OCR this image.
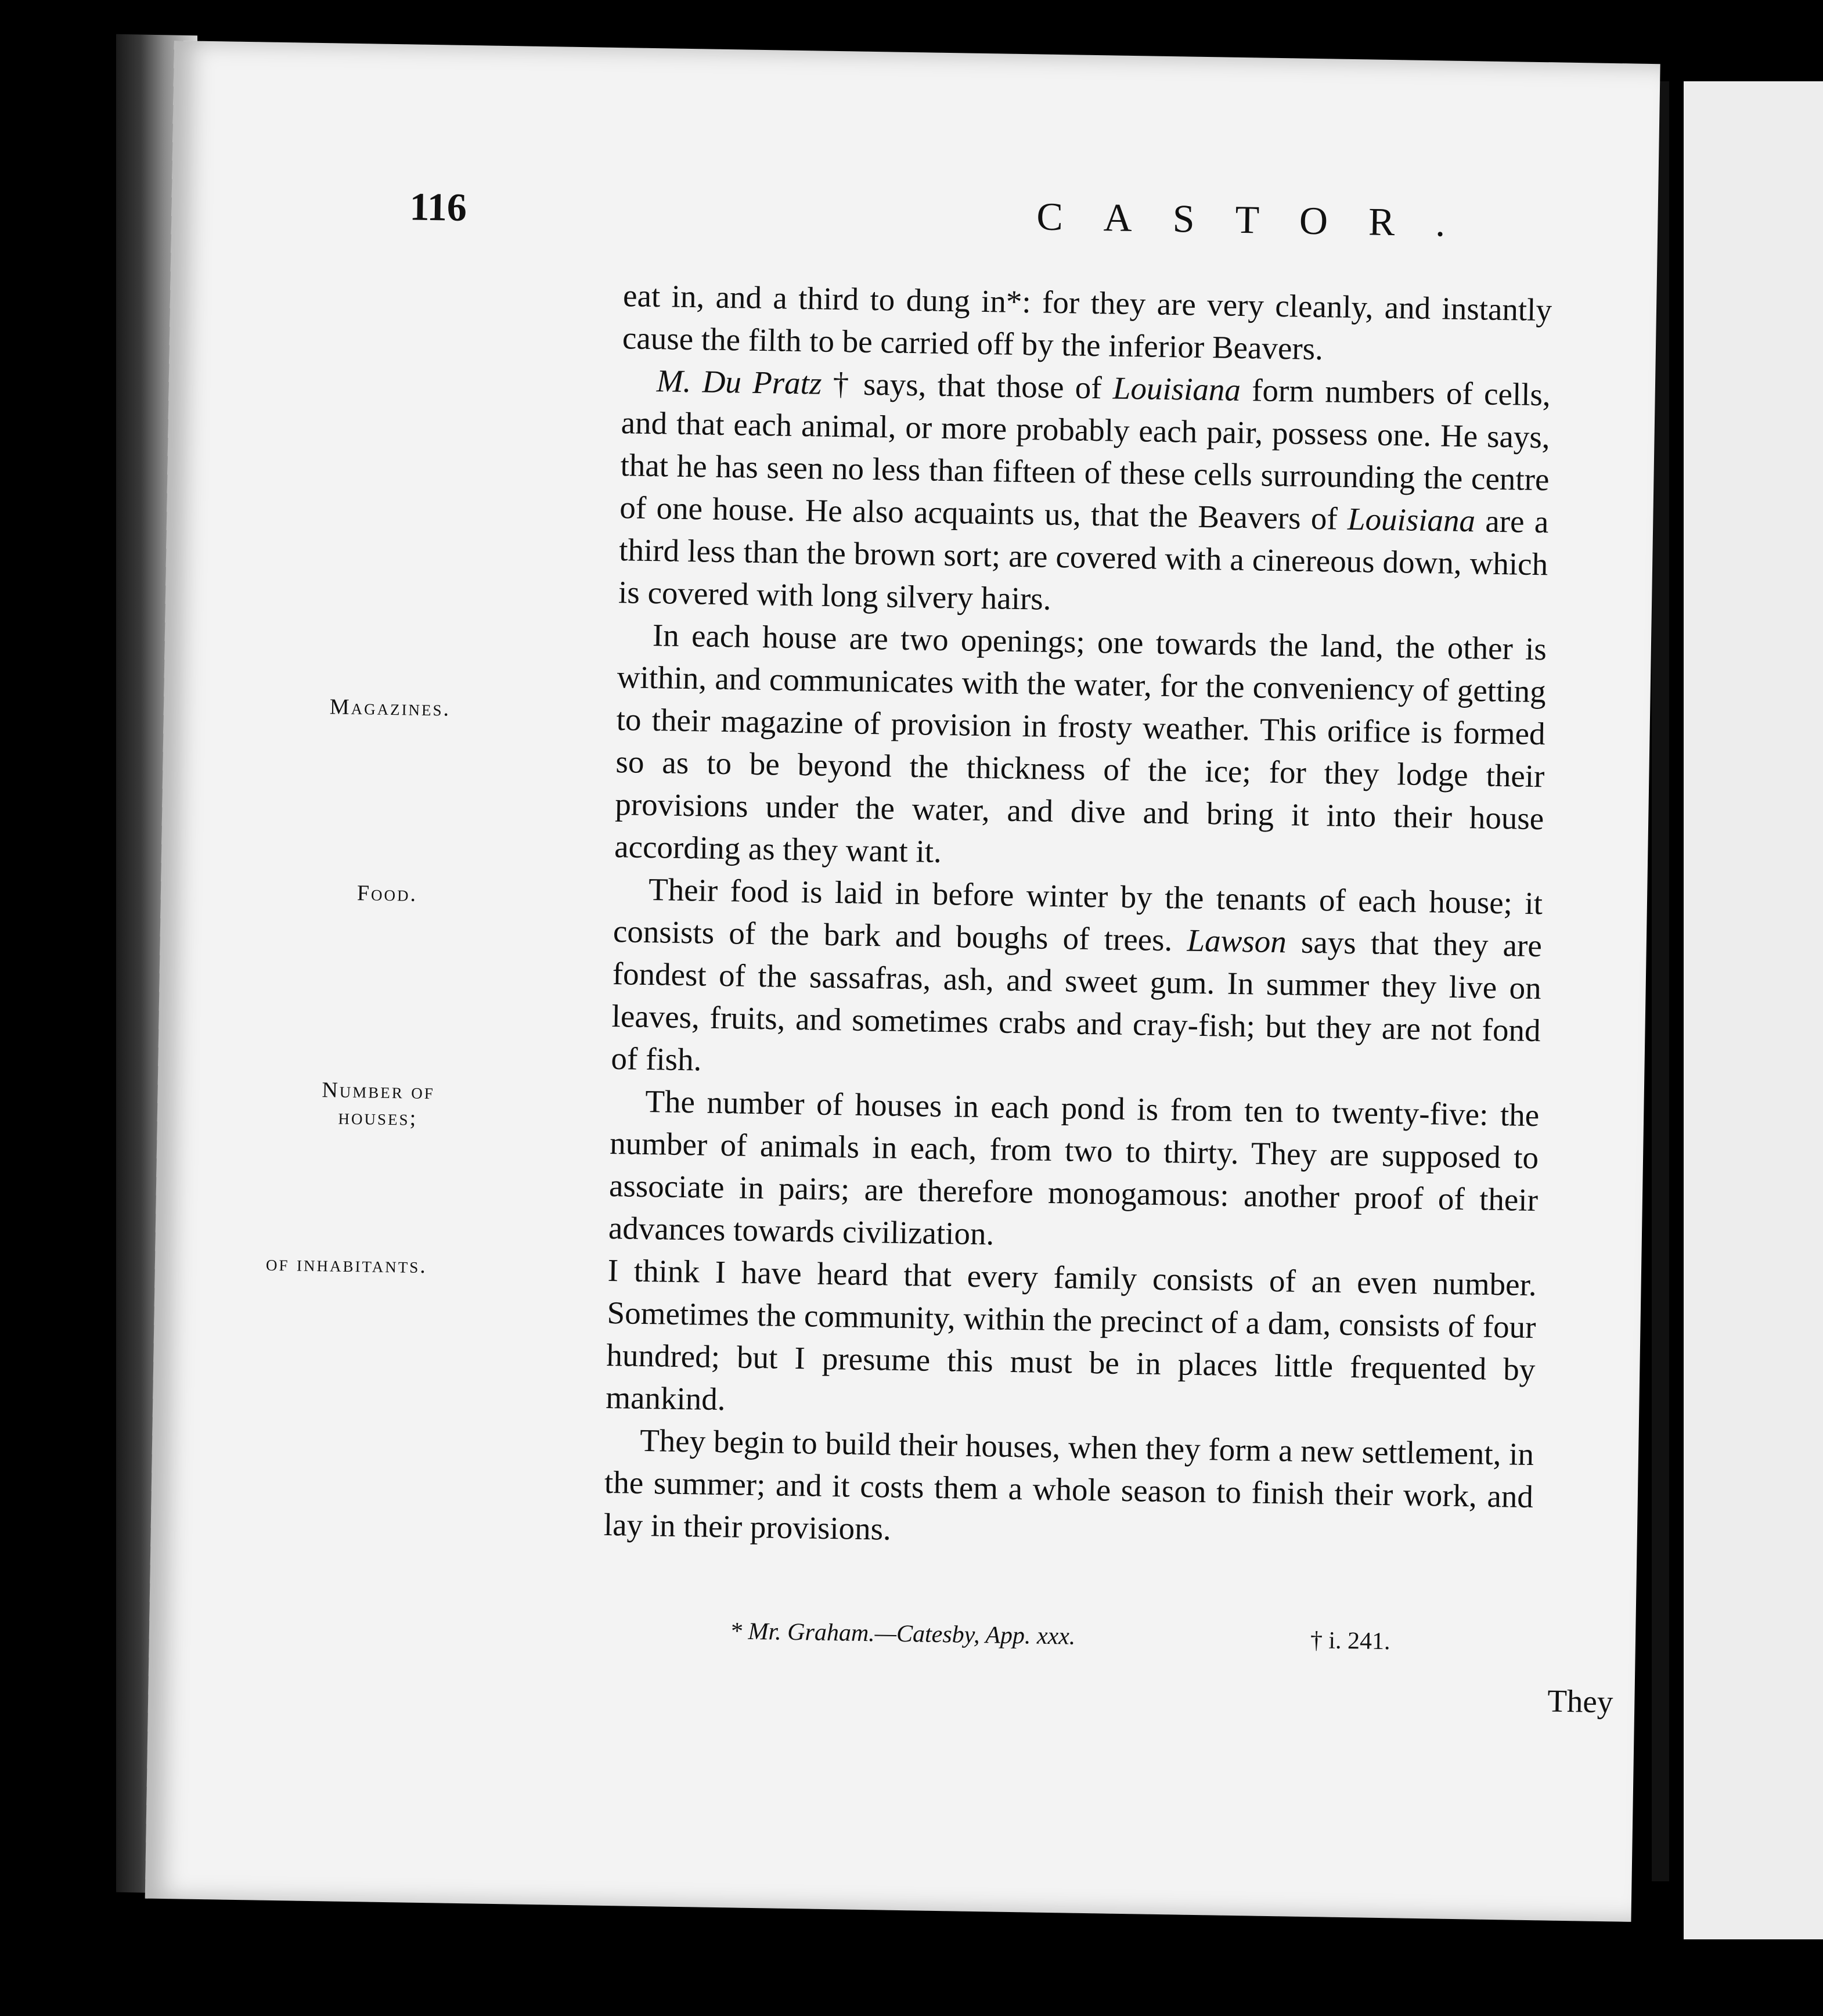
116	CASTOR.
Magazines.
Food.
Number of
houses;
of inhabitants.

eat in, and a third to dung in*: for they are very cleanly, and instantly cause the filth to be carried off by the inferior Beavers.

M. Du Pratz † says, that those of Louisiana form numbers of cells, and that each animal, or more probably each pair, possess one. He says, that he has seen no less than fifteen of these cells surrounding the centre of one house. He also acquaints us, that the Beavers of Louisiana are a third less than the brown sort; are covered with a cinereous down, which is covered with long silvery hairs.

In each house are two openings; one towards the land, the other is within, and communicates with the water, for the conveniency of getting to their magazine of provision in frosty weather. This orifice is formed so as to be beyond the thickness of the ice; for they lodge their provisions under the water, and dive and bring it into their house according as they want it.

Their food is laid in before winter by the tenants of each house; it consists of the bark and boughs of trees. Lawson says that they are fondest of the sassafras, ash, and sweet gum. In summer they live on leaves, fruits, and sometimes crabs and cray-fish; but they are not fond of fish.

The number of houses in each pond is from ten to twenty-five: the number of animals in each, from two to thirty. They are supposed to associate in pairs; are therefore monogamous: another proof of their advances towards civilization.

I think I have heard that every family consists of an even number. Sometimes the community, within the precinct of a dam, consists of four hundred; but I presume this must be in places little frequented by mankind.

They begin to build their houses, when they form a new settlement, in the summer; and it costs them a whole season to finish their work, and lay in their provisions.

* Mr. Graham.—Catesby, App. xxx.	† i. 241.
They
